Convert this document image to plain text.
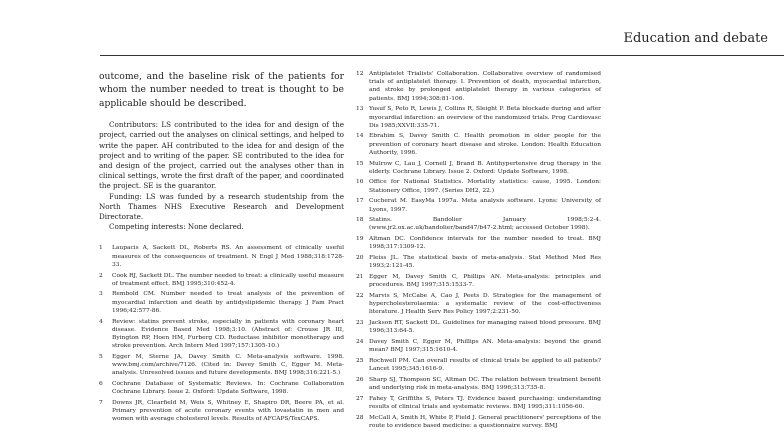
Education and debate

outcome, and the baseline risk of the patients for whom the number needed to treat is thought to be applicable should be described.

Contributors: LS contributed to the idea for and design of the project, carried out the analyses on clinical settings, and helped to write the paper. AH contributed to the idea for and design of the project and to writing of the paper. SE contributed to the idea for and design of the project, carried out the analyses other than in clinical settings, wrote the first draft of the paper, and coordinated the project. SE is the guarantor.

Funding: LS was funded by a research studentship from the North Thames NHS Executive Research and Development Directorate.

Competing interests: None declared.

1	Laupacis A, Sackett DL, Roberts RS. An assessment of clinically useful measures of the consequences of treatment. N Engl J Med 1988;318:1728-33.
2	Cook RJ, Sackett DL. The number needed to treat: a clinically useful measure of treatment effect. BMJ 1995;310:452-4.
3	Rembold CM. Number needed to treat analysis of the prevention of myocardial infarction and death by antidyslipidemic therapy. J Fam Pract 1996;42:577-86.
4	Review: statins prevent stroke, especially in patients with coronary heart disease. Evidence Based Med 1998;3:10. (Abstract of: Crouse JR III, Byington RP, Hoen HM, Furberg CD. Reductase inhibitor monotherapy and stroke prevention. Arch Intern Med 1997;157:1305-10.)
5	Egger M, Sterne JA, Davey Smith C. Meta-analysis software. 1998. www.bmj.com/archive/7126. (Cited in: Davey Smith C, Egger M. Meta-analysis. Unresolved issues and future developments. BMJ 1998;316:221-5.)
6	Cochrane Database of Systematic Reviews. In: Cochrane Collaboration Cochrane Library. Issue 2. Oxford: Update Software, 1998.
7	Downs JR, Clearfield M, Weis S, Whitney E, Shapiro DR, Beere PA, et al. Primary prevention of acute coronary events with lovastatin in men and women with average cholesterol levels. Results of AFCAPS/TexCAPS.
12 Antiplatelet Trialists' Collaboration. Collaborative overview of randomised trials of antiplatelet therapy. I. Prevention of death, myocardial infarction, and stroke by prolonged antiplatelet therapy in various categories of patients. BMJ 1994;308:81-106.
13 Yusuf S, Peto R, Lewis J, Collins R, Sleight P. Beta blockade during and after myocardial infarction: an overview of the randomized trials. Prog Cardiovasc Dis 1985;XXVII:335-71.
14 Ebrahim S, Davey Smith C. Health promotion in older people for the prevention of coronary heart disease and stroke. London: Health Education Authority, 1996.
15 Mulrow C, Lau J, Cornell J, Brand B. Antihypertensive drug therapy in the elderly. Cochrane Library. Issue 2. Oxford: Update Software, 1998.
16 Office for National Statistics. Mortality statistics: cause, 1995. London: Stationery Office, 1997. (Series DH2, 22.)
17 Cucherat M. EasyMa 1997a. Meta analysis software. Lyons: University of Lyons, 1997.
18 Statins. Bandolier January 1998;5:2-4. (www.jr2.ox.ac.uk/bandolier/band47/b47-2.html; accessed October 1998).
19 Altman DC. Confidence intervals for the number needed to treat. BMJ 1998;317:1309-12.
20 Fleiss JL. The statistical basis of meta-analysis. Stat Method Med Res 1993;2:121-45.
21 Egger M, Davey Smith C, Phillips AN. Meta-analysis: principles and procedures. BMJ 1997;315:1533-7.
22 Marvis S, McCabe A, Cao J, Peets D. Strategies for the management of hypercholesterolaemia: a systematic review of the cost-effectiveness literature. J Health Serv Res Policy 1997;2:231-50.
23 Jackson RT, Sackett DL. Guidelines for managing raised blood pressure. BMJ 1996;313:64-5.
24 Davey Smith C, Egger M, Phillips AN. Meta-analysis: beyond the grand mean? BMJ 1997;315:1610-4.
25 Rochwell PM. Can overall results of clinical trials be applied to all patients? Lancet 1995;345:1616-9.
26 Sharp SJ, Thompson SC, Altman DC. The relation between treatment benefit and underlying risk in meta-analysis. BMJ 1996;313:735-8.
27 Fahey T, Griffiths S, Peters TJ. Evidence based purchasing: understanding results of clinical trials and systematic reviews. BMJ 1995;311:1056-60.
28 McCall A, Smith H, White P, Field J. General practitioners' perceptions of the route to evidence based medicine: a questionnaire survey. BMJ
